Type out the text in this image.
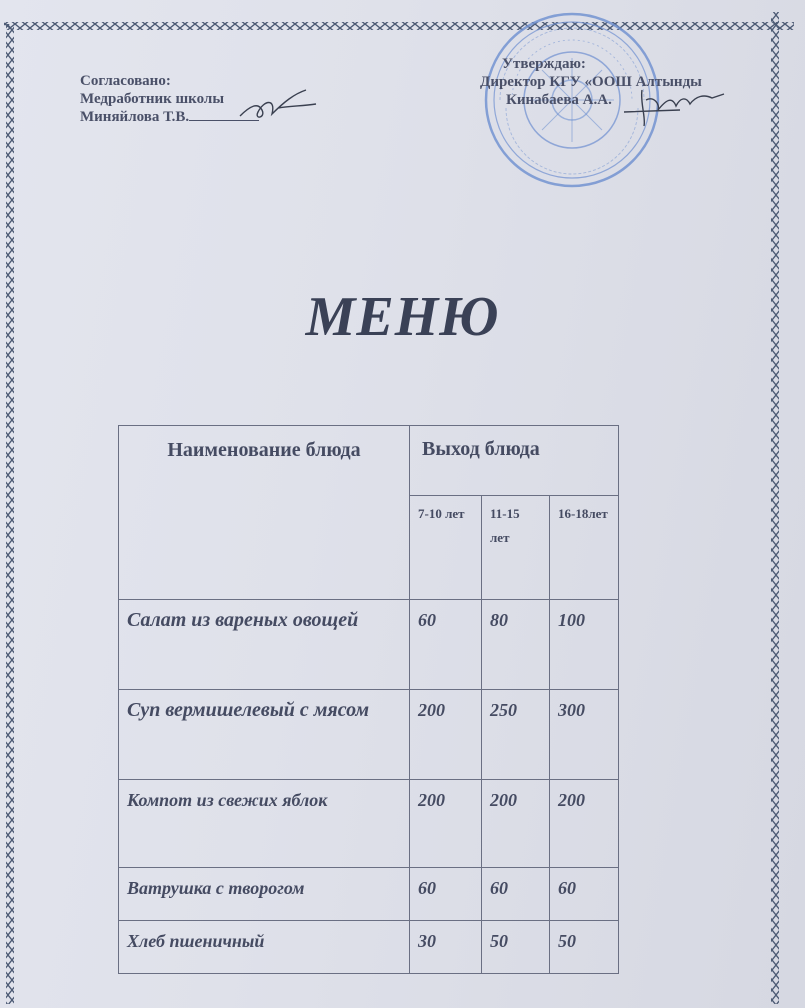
Согласовано:
Медработник школы
Миняйлова Т.В.
Утверждаю:
Директор КГУ «ООШ Алтынды
Кинабаева А.А.
МЕНЮ
Наименование блюда	Выход блюда		
	7-10 лет	11-15 лет	16-18лет
Салат из вареных овощей	60	80	100
Суп вермишелевый с мясом	200	250	300
Компот из свежих яблок	200	200	200
Ватрушка с творогом	60	60	60
Хлеб пшеничный	30	50	50
